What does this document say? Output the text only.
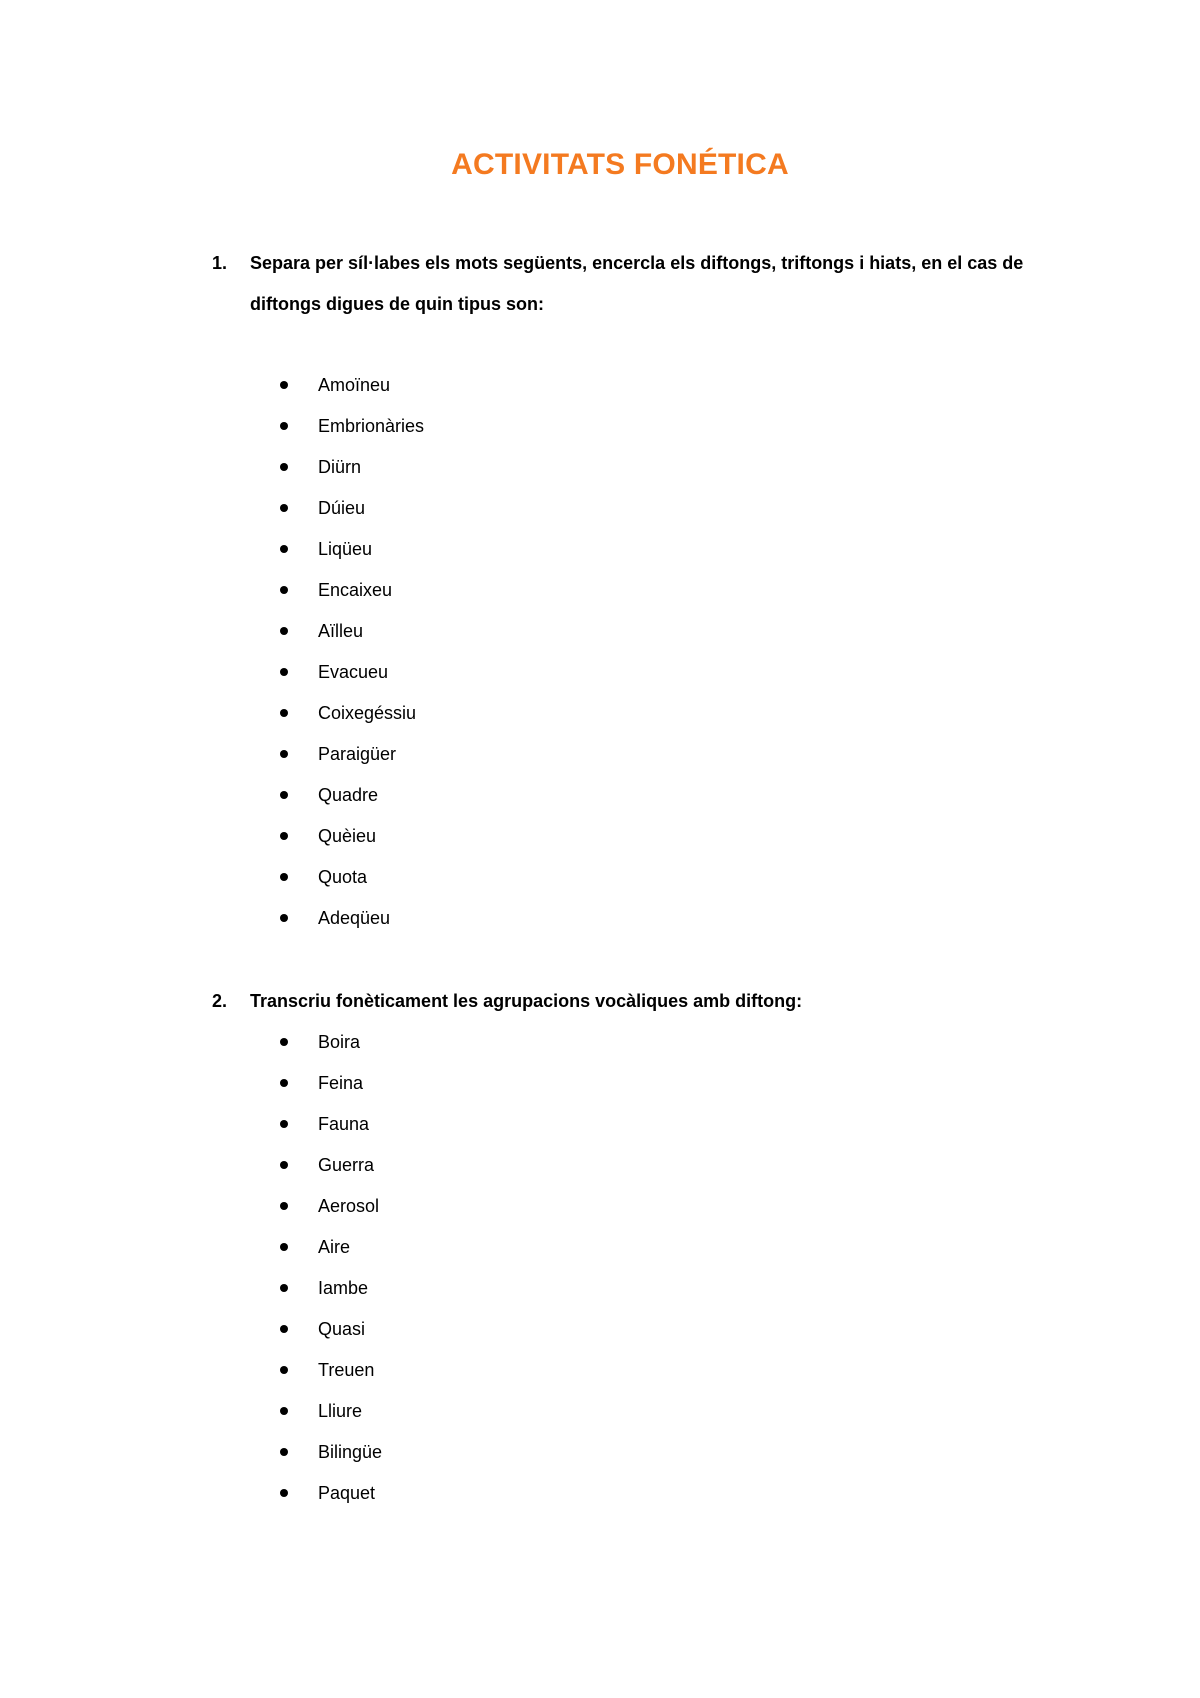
ACTIVITATS FONÉTICA
1. Separa per síl·labes els mots següents, encercla els diftongs, triftongs i hiats, en el cas de diftongs digues de quin tipus son:
Amoïneu
Embrionàries
Diürn
Dúieu
Liqüeu
Encaixeu
Aïlleu
Evacueu
Coixegéssiu
Paraigüer
Quadre
Quèieu
Quota
Adeqüeu
2. Transcriu fonèticament les agrupacions vocàliques amb diftong:
Boira
Feina
Fauna
Guerra
Aerosol
Aire
Iambe
Quasi
Treuen
Lliure
Bilingüe
Paquet
